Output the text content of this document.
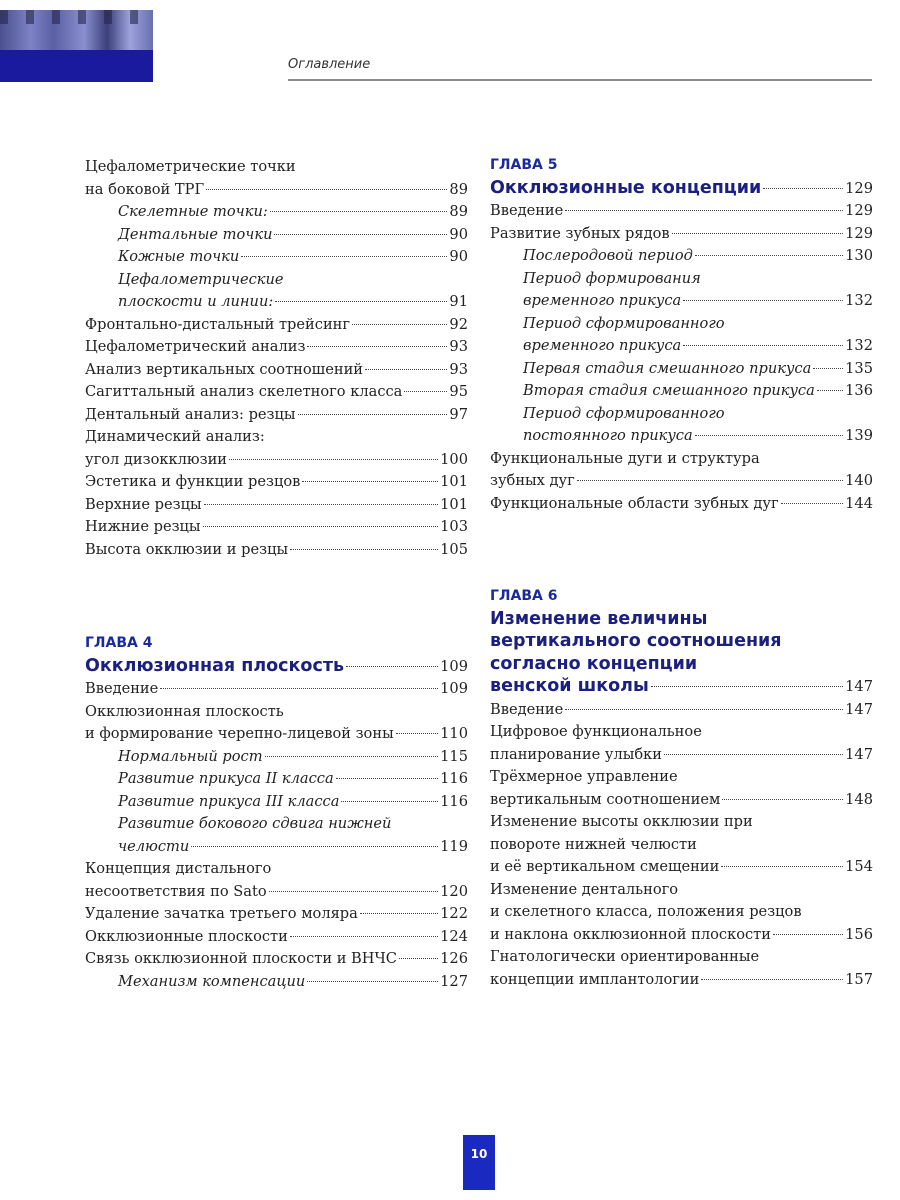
Оглавление
Цефалометрические точки
на боковой ТРГ	89
Скелетные точки:	89
Дентальные точки	90
Кожные точки	90
Цефалометрические
плоскости и линии:	91
Фронтально-дистальный трейсинг	92
Цефалометрический анализ	93
Анализ вертикальных соотношений	93
Сагиттальный анализ скелетного класса	95
Дентальный анализ: резцы	97
Динамический анализ:
угол дизокклюзии	100
Эстетика и функции резцов	101
Верхние резцы	101
Нижние резцы	103
Высота окклюзии и резцы	105
ГЛАВА 4
Окклюзионная плоскость	109
Введение	109
Окклюзионная плоскость
и формирование черепно-лицевой зоны	110
Нормальный рост	115
Развитие прикуса II класса	116
Развитие прикуса III класса	116
Развитие бокового сдвига нижней
челюсти	119
Концепция дистального
несоответствия по Sato	120
Удаление зачатка третьего моляра	122
Окклюзионные плоскости	124
Связь окклюзионной плоскости и ВНЧС	126
Механизм компенсации	127
ГЛАВА 5
Окклюзионные концепции	129
Введение	129
Развитие зубных рядов	129
Послеродовой период	130
Период формирования
временного прикуса	132
Период сформированного
временного прикуса	132
Первая стадия смешанного прикуса 135
Вторая стадия смешанного прикуса 136
Период сформированного
постоянного прикуса	139
Функциональные дуги и структура
зубных дуг	140
Функциональные области зубных дуг	144
ГЛАВА 6
Изменение величины
вертикального соотношения
согласно концепции
венской школы	147
Введение	147
Цифровое функциональное
планирование улыбки	147
Трёхмерное управление
вертикальным соотношением	148
Изменение высоты окклюзии при
повороте нижней челюсти
и её вертикальном смещении	154
Изменение дентального
и скелетного класса, положения резцов
и наклона окклюзионной плоскости	156
Гнатологически ориентированные
концепции имплантологии	157
10
